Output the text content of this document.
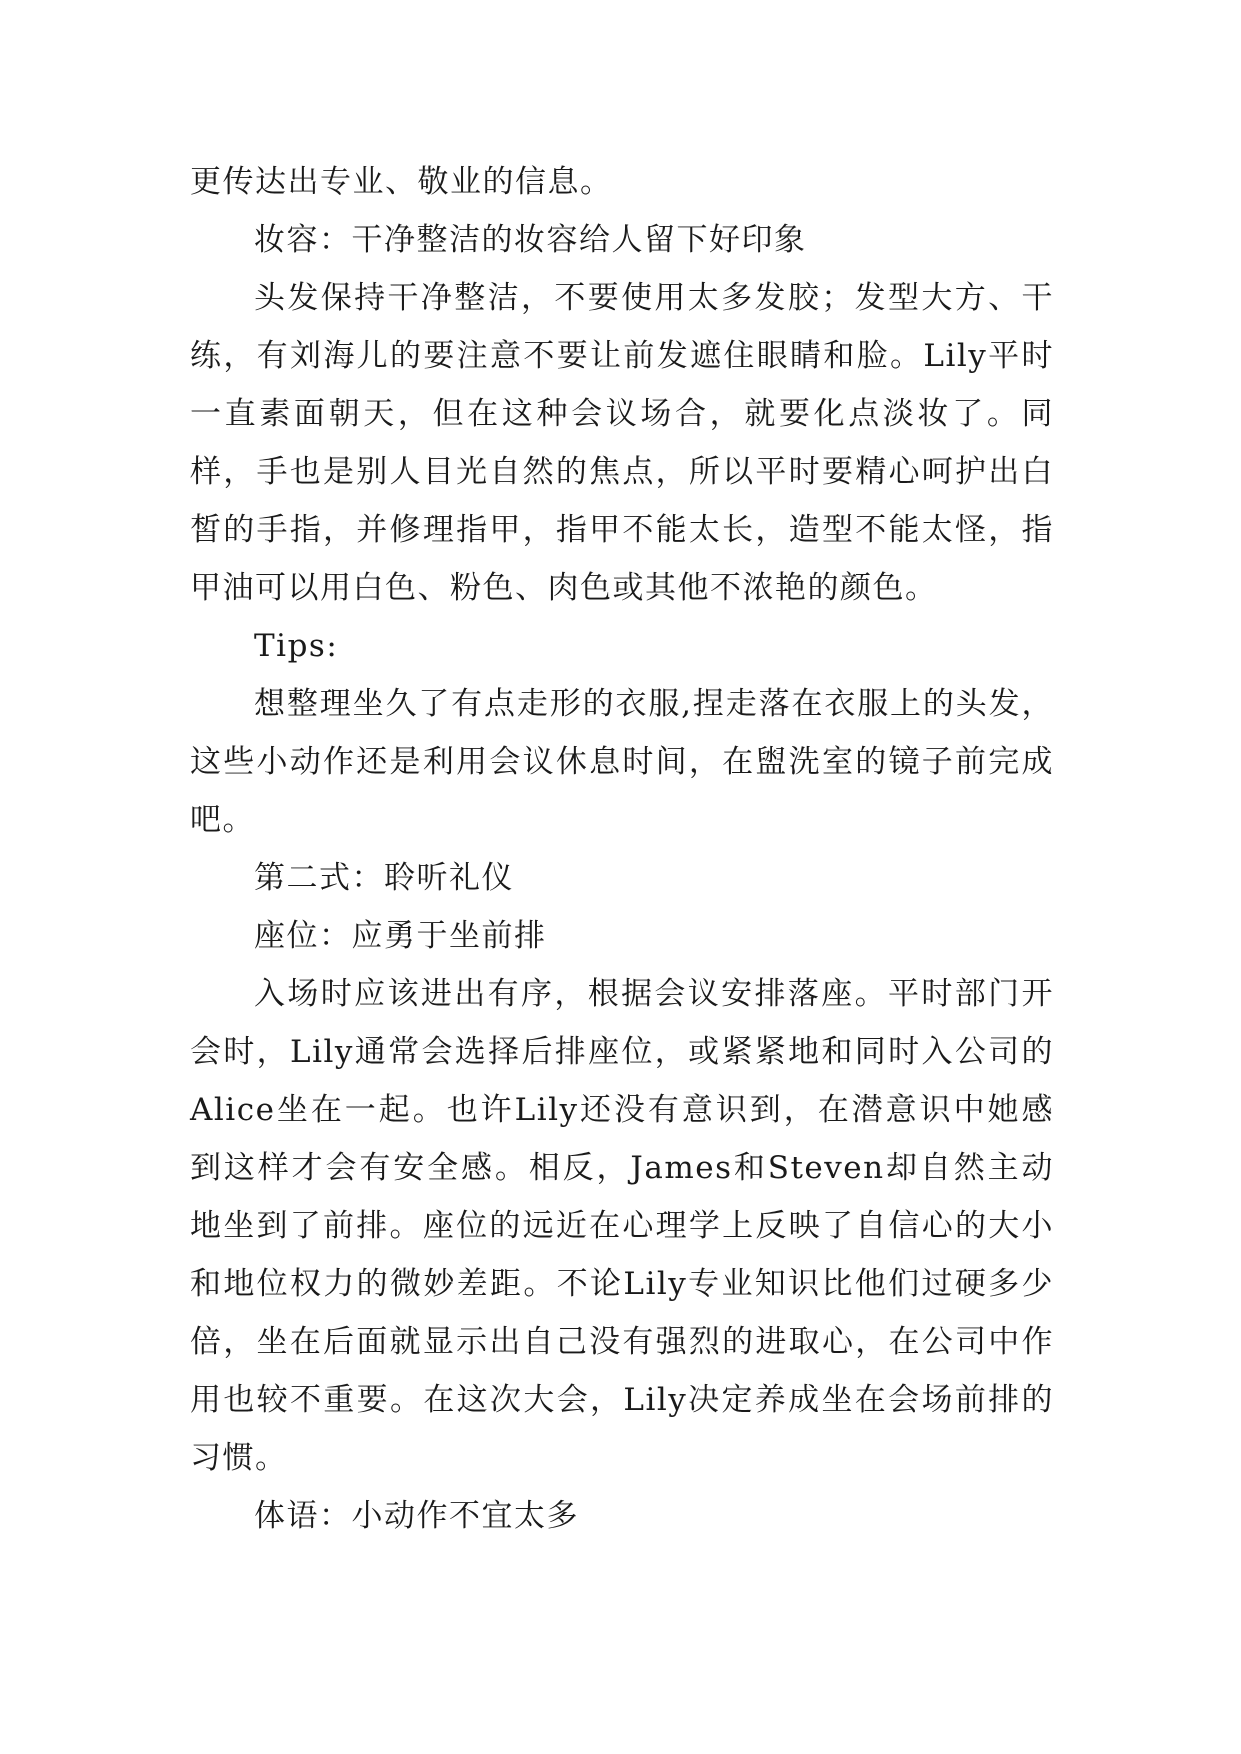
更传达出专业、敬业的信息。

妆容：干净整洁的妆容给人留下好印象

头发保持干净整洁，不要使用太多发胶；发型大方、干练，有刘海儿的要注意不要让前发遮住眼睛和脸。Lily平时一直素面朝天，但在这种会议场合，就要化点淡妆了。同样，手也是别人目光自然的焦点，所以平时要精心呵护出白皙的手指，并修理指甲，指甲不能太长，造型不能太怪，指甲油可以用白色、粉色、肉色或其他不浓艳的颜色。

Tips:

想整理坐久了有点走形的衣服,捏走落在衣服上的头发，这些小动作还是利用会议休息时间，在盥洗室的镜子前完成吧。

第二式：聆听礼仪

座位：应勇于坐前排

入场时应该进出有序，根据会议安排落座。平时部门开会时，Lily通常会选择后排座位，或紧紧地和同时入公司的Alice坐在一起。也许Lily还没有意识到，在潜意识中她感到这样才会有安全感。相反，James和Steven却自然主动地坐到了前排。座位的远近在心理学上反映了自信心的大小和地位权力的微妙差距。不论Lily专业知识比他们过硬多少倍，坐在后面就显示出自己没有强烈的进取心，在公司中作用也较不重要。在这次大会，Lily决定养成坐在会场前排的习惯。

体语：小动作不宜太多
